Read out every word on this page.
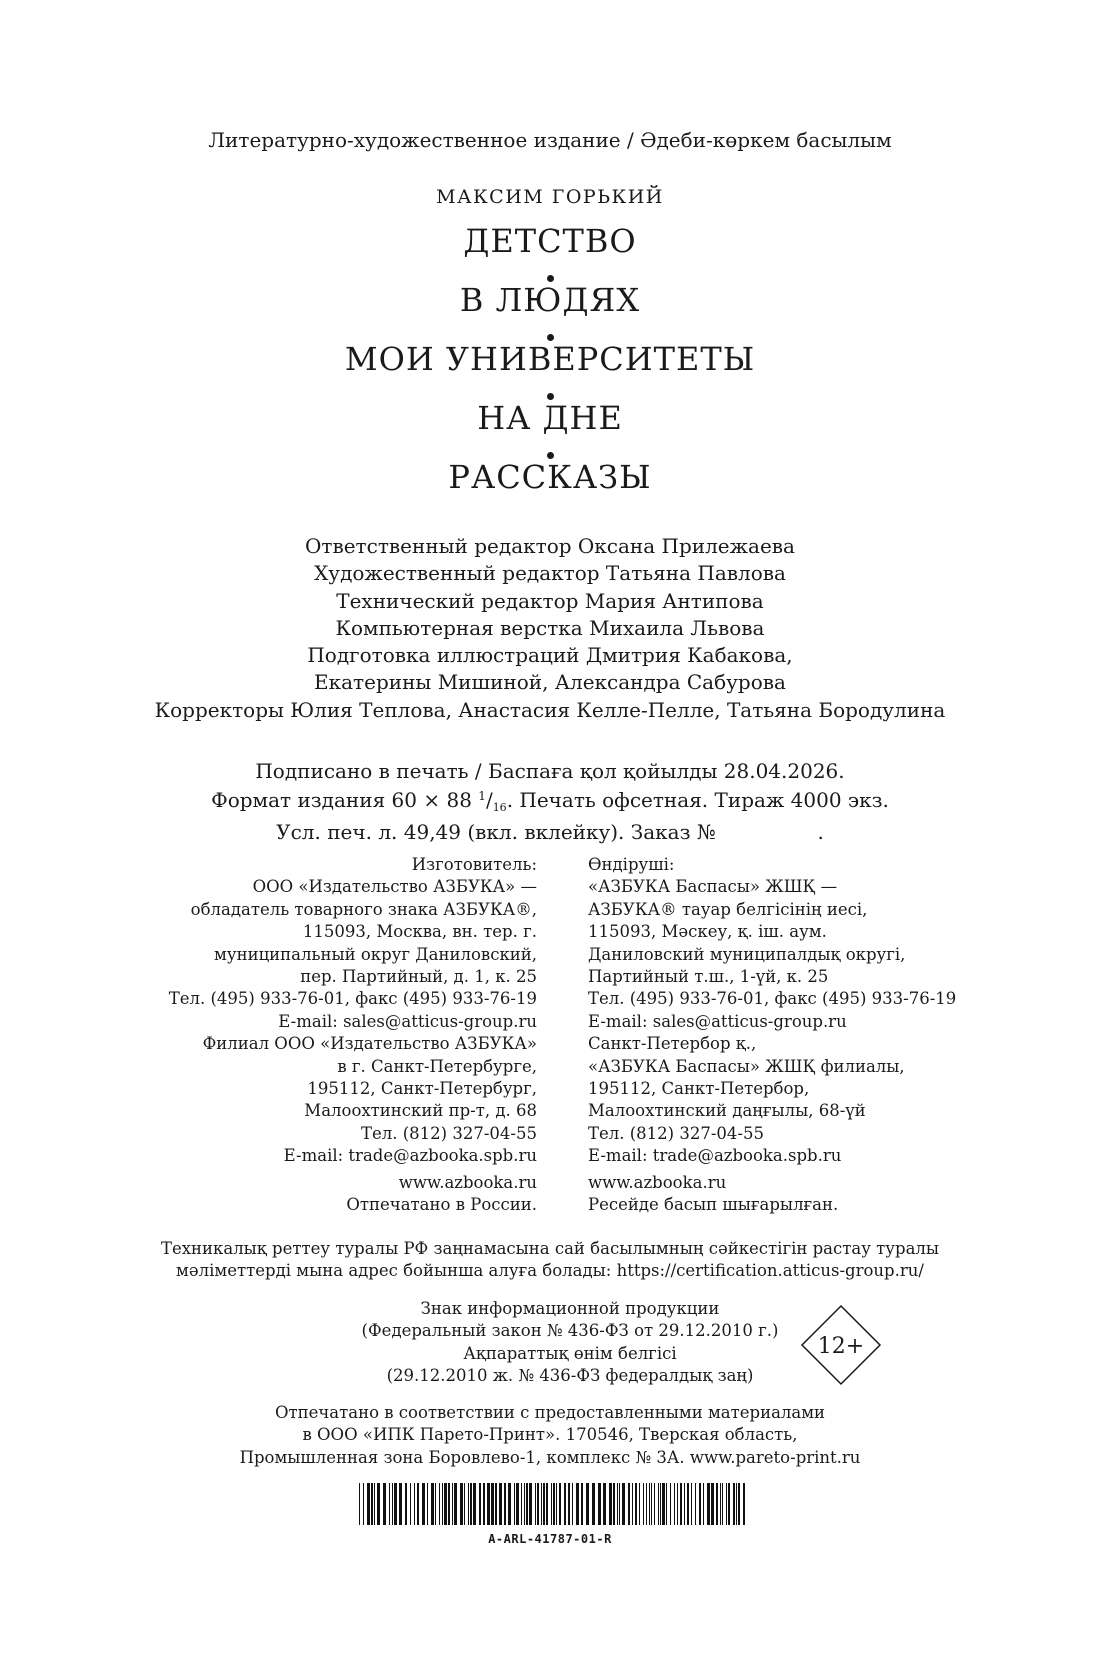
Литературно-художественное издание / Әдеби-көркем басылым
МАКСИМ ГОРЬКИЙ
ДЕТСТВО
В ЛЮДЯХ
МОИ УНИВЕРСИТЕТЫ
НА ДНЕ
РАССКАЗЫ
Ответственный редактор Оксана Прилежаева
Художественный редактор Татьяна Павлова
Технический редактор Мария Антипова
Компьютерная верстка Михаила Львова
Подготовка иллюстраций Дмитрия Кабакова,
Екатерины Мишиной, Александра Сабурова
Корректоры Юлия Теплова, Анастасия Келле-Пелле, Татьяна Бородулина
Подписано в печать / Баспаға қол қойылды 28.04.2026.
Формат издания 60 × 88 $^1/_{16}$. Печать офсетная. Тираж 4000 экз.
Усл. печ. л. 49,49 (вкл. вклейку). Заказ №                .
Изготовитель:
ООО «Издательство АЗБУКА» —
обладатель товарного знака АЗБУКА®,
115093, Москва, вн. тер. г.
муниципальный округ Даниловский,
пер. Партийный, д. 1, к. 25
Тел. (495) 933-76-01, факс (495) 933-76-19
E-mail: sales@atticus-group.ru
Филиал ООО «Издательство АЗБУКА»
в г. Санкт-Петербурге,
195112, Санкт-Петербург,
Малоохтинский пр-т, д. 68
Тел. (812) 327-04-55
E-mail: trade@azbooka.spb.ru
www.azbooka.ru
Отпечатано в России.
Өндіруші:
«АЗБУКА Баспасы» ЖШҚ —
АЗБУКА® тауар белгісінің иесі,
115093, Мәскеу, қ. іш. аум.
Даниловский муниципалдық округі,
Партийный т.ш., 1-үй, к. 25
Тел. (495) 933-76-01, факс (495) 933-76-19
E-mail: sales@atticus-group.ru
Санкт-Петербор қ.,
«АЗБУКА Баспасы» ЖШҚ филиалы,
195112, Санкт-Петербор,
Малоохтинский даңғылы, 68-үй
Тел. (812) 327-04-55
E-mail: trade@azbooka.spb.ru
www.azbooka.ru
Ресейде басып шығарылған.
Техникалық реттеу туралы РФ заңнамасына сай басылымның сәйкестігін растау туралы
мәліметтерді мына адрес бойынша алуға болады: https://certification.atticus-group.ru/
Знак информационной продукции
(Федеральный закон № 436-ФЗ от 29.12.2010 г.)
Ақпараттық өнім белгісі
(29.12.2010 ж. № 436-ФЗ федералдық заң)
12+
Отпечатано в соответствии с предоставленными материалами
в ООО «ИПК Парето-Принт». 170546, Тверская область,
Промышленная зона Боровлево-1, комплекс № 3А. www.pareto-print.ru
A-ARL-41787-01-R
